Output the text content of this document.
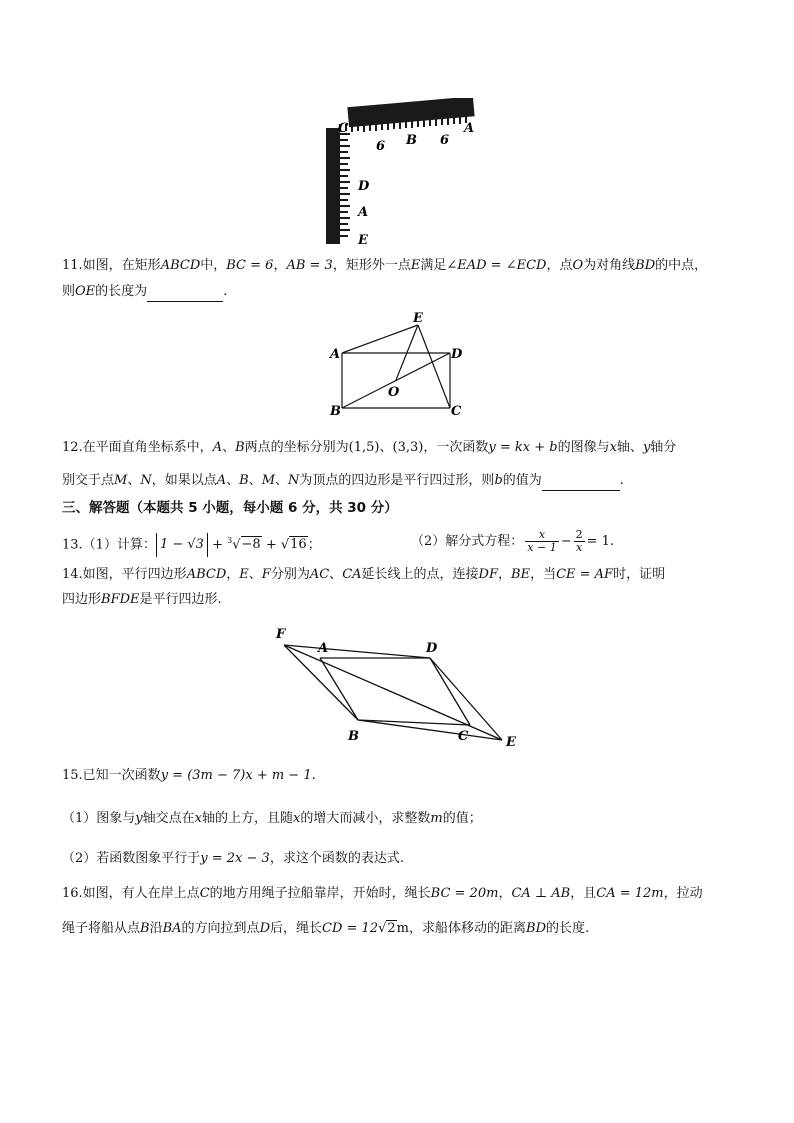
C
6 B 6
A
D
A
E
11.如图，在矩形ABCD中，BC = 6，AB = 3，矩形外一点E满足∠EAD = ∠ECD，点O为对角线BD的中点，
则OE的长度为	.
A
B	C
D
E
O
12.在平面直角坐标系中，A、B两点的坐标分别为(1,5)、(3,3)，一次函数y = kx + b的图像与x轴、y轴分
别交于点M、N，如果以点A、B、M、N为顶点的四边形是平行四过形，则b的值为	.
三、解答题（本题共 5 小题，每小题 6 分，共 30 分）
13.（1）计算： 1 − √3 + $^3$√−8 + √16；	（2）解分式方程： $\frac{x}{x - 1} - \frac{2}{x} = 1$.
14.如图，平行四边形ABCD，E、F分别为AC、CA延长线上的点，连接DF，BE，当CE = AF时，证明
四边形BFDE是平行四边形.
F
A	D
B	C	E
15.已知一次函数y = (3m − 7)x + m − 1.
（1）图象与y轴交点在x轴的上方，且随x的增大而减小，求整数m的值；
（2）若函数图象平行于y = 2x − 3，求这个函数的表达式.
16.如图，有人在岸上点C的地方用绳子拉船靠岸，开始时，绳长BC = 20m，CA ⊥ AB，且CA = 12m，拉动
绳子将船从点B沿BA的方向拉到点D后，绳长CD = 12√2m，求船体移动的距离BD的长度.
